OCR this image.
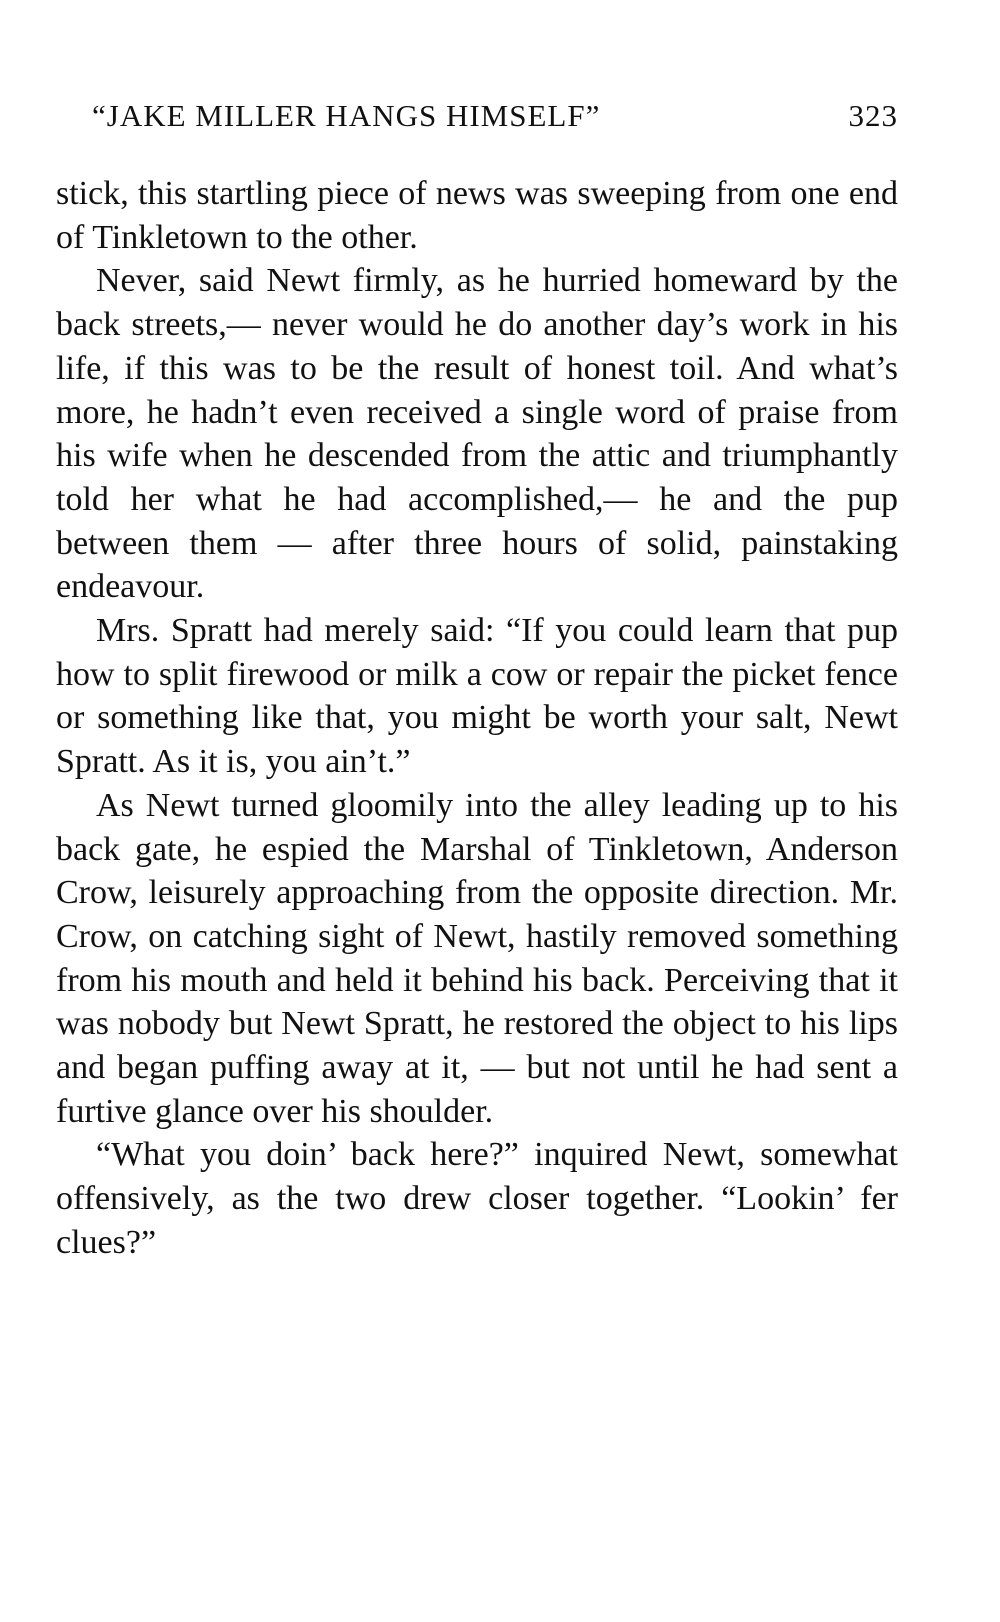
“JAKE MILLER HANGS HIMSELF”	323

stick, this startling piece of news was sweeping from one end of Tinkletown to the other.

Never, said Newt firmly, as he hurried homeward by the back streets,— never would he do another day’s work in his life, if this was to be the result of honest toil. And what’s more, he hadn’t even received a single word of praise from his wife when he descended from the attic and triumphantly told her what he had accomplished,— he and the pup between them — after three hours of solid, painstaking endeavour.

Mrs. Spratt had merely said: “If you could learn that pup how to split firewood or milk a cow or repair the picket fence or something like that, you might be worth your salt, Newt Spratt. As it is, you ain’t.”

As Newt turned gloomily into the alley leading up to his back gate, he espied the Marshal of Tinkletown, Anderson Crow, leisurely approaching from the opposite direction. Mr. Crow, on catching sight of Newt, hastily removed something from his mouth and held it behind his back. Perceiving that it was nobody but Newt Spratt, he restored the object to his lips and began puffing away at it, — but not until he had sent a furtive glance over his shoulder.

“What you doin’ back here?” inquired Newt, somewhat offensively, as the two drew closer together. “Lookin’ fer clues?”
